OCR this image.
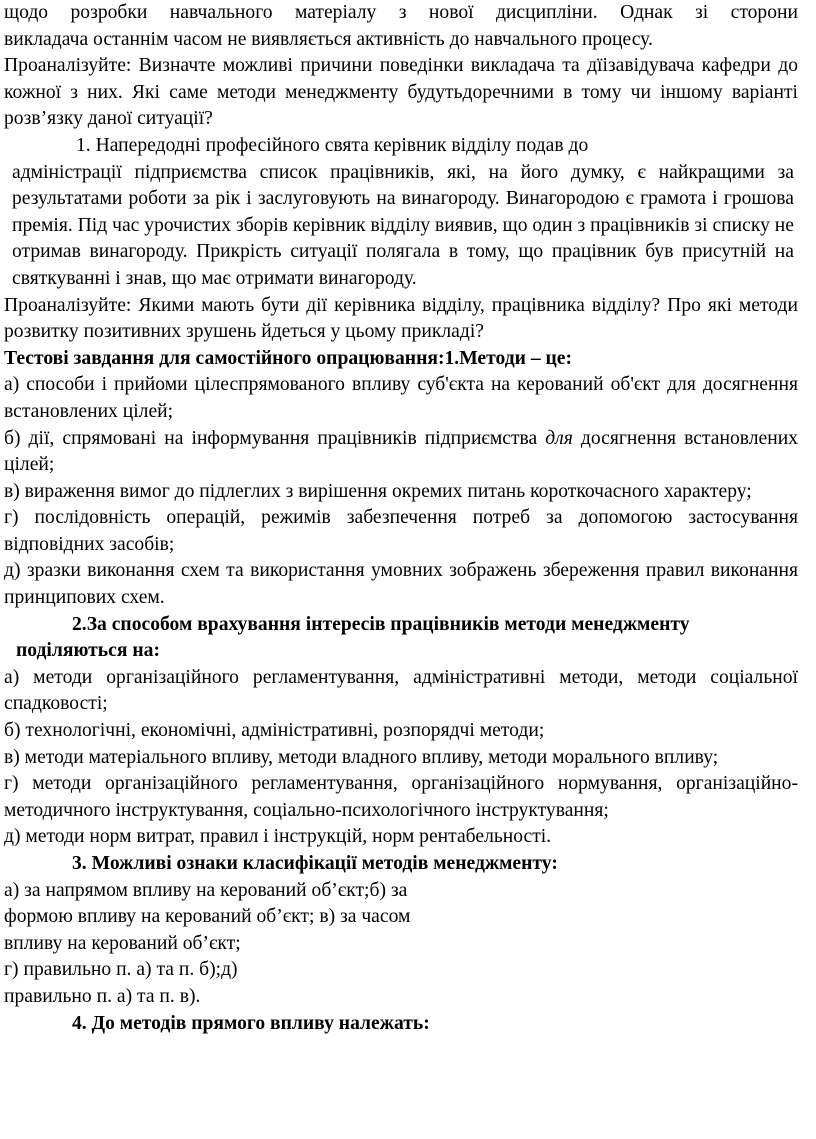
щодо розробки навчального матеріалу з нової дисципліни. Однак зі сторони

викладача останнім часом не виявляється активність до навчального процесу.

Проаналізуйте: Визначте можливі причини поведінки викладача та дїізавідувача кафедри до кожної з них. Які саме методи менеджменту будутьдоречними в тому чи іншому варіанті розв’язку даної ситуації?

1. Напередодні професійного свята керівник відділу подав до

адміністрації підприємства список працівників, які, на його думку, є найкращими за результатами роботи за рік і заслуговують на винагороду. Винагородою є грамота і грошова премія. Під час урочистих зборів керівник відділу виявив, що один з працівників зі списку не отримав винагороду. Прикрість ситуації полягала в тому, що працівник був присутній на святкуванні і знав, що має отримати винагороду.

Проаналізуйте: Якими мають бути дії керівника відділу, працівника відділу? Про які методи розвитку позитивних зрушень йдеться у цьому прикладі?

Тестові завдання для самостійного опрацювання:1.Методи – це:

а) способи і прийоми цілеспрямованого впливу суб'єкта на керований об'єкт для досягнення встановлених цілей;

б) дії, спрямовані на інформування працівників підприємства для досягнення встановлених цілей;

в) вираження вимог до підлеглих з вирішення окремих питань короткочасного характеру;

г) послідовність операцій, режимів забезпечення потреб за допомогою застосування відповідних засобів;

д) зразки виконання схем та використання умовних зображень збереження правил виконання принципових схем.

2.За способом врахування інтересів працівників методи менеджменту

поділяються на:

а) методи організаційного регламентування, адміністративні методи, методи соціальної спадковості;

б) технологічні, економічні, адміністративні, розпорядчі методи;

в) методи матеріального впливу, методи владного впливу, методи моральногo впливу;

г) методи організаційного регламентування, організаційного нормування, організаційно-методичного інструктування, соціально-психологічного інструктування;

д) методи норм витрат, правил і інструкцій, норм рентабельності.

3. Можливі ознаки класифікації методів менеджменту:

а) за напрямом впливу на керований об’єкт;б) за

формою впливу на керований об’єкт; в) за часом

впливу на керований об’єкт;

г) правильно п. а) та п. б);д)

правильно п. а) та п. в).

4. До методів прямого впливу належать:
